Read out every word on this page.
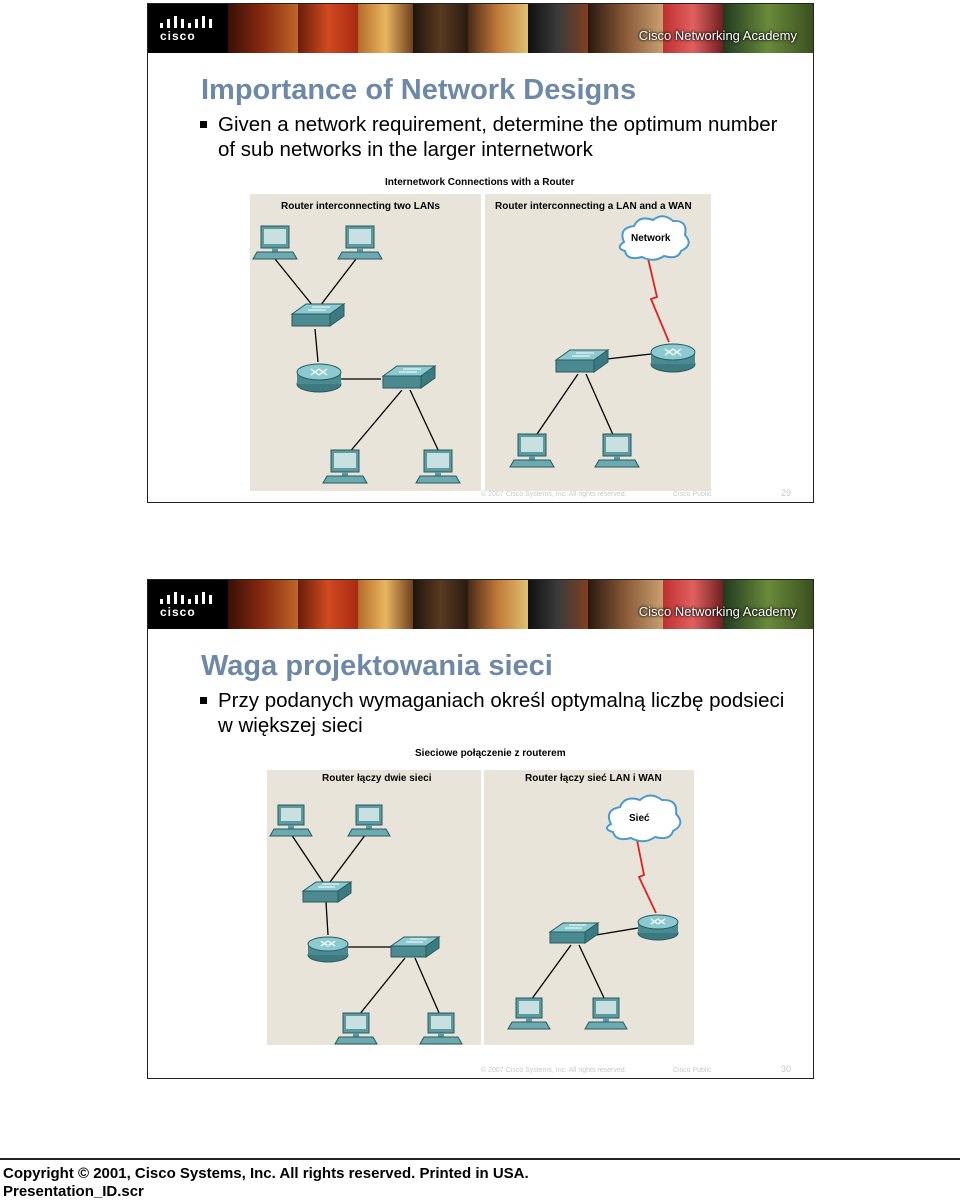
cisco	Cisco Networking Academy
Importance of Network Designs
Given a network requirement, determine the optimum number of sub networks in the larger internetwork
Internetwork Connections with a Router
Router interconnecting two LANs	Router interconnecting a LAN and a WAN
Network
© 2007 Cisco Systems, Inc. All rights reserved.	Cisco Public	29
cisco	Cisco Networking Academy
Waga projektowania sieci
Przy podanych wymaganiach określ optymalną liczbę podsieci w większej sieci
Sieciowe połączenie z routerem
Router łączy dwie sieci	Router łączy sieć LAN i WAN
Sieć
© 2007 Cisco Systems, Inc. All rights reserved.	Cisco Public	30
Copyright © 2001, Cisco Systems, Inc. All rights reserved. Printed in USA.
Presentation_ID.scr
